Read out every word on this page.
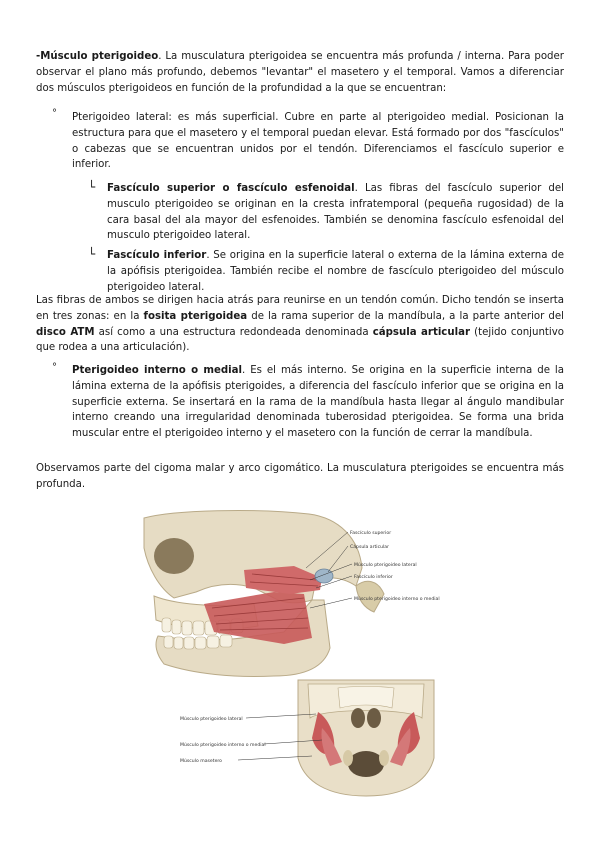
-Músculo pterigoideo. La musculatura pterigoidea se encuentra más profunda / interna. Para poder observar el plano más profundo, debemos "levantar" el masetero y el temporal. Vamos a diferenciar dos músculos pterigoideos en función de la profundidad a la que se encuentran:

° Pterigoideo lateral: es más superficial. Cubre en parte al pterigoideo medial. Posicionan la estructura para que el masetero y el temporal puedan elevar. Está formado por dos "fascículos" o cabezas que se encuentran unidos por el tendón. Diferenciamos el fascículo superior e inferior.

└ Fascículo superior o fascículo esfenoidal. Las fibras del fascículo superior del musculo pterigoideo se originan en la cresta infratemporal (pequeña rugosidad) de la cara basal del ala mayor del esfenoides. También se denomina fascículo esfenoidal del musculo pterigoideo lateral.

└ Fascículo inferior. Se origina en la superficie lateral o externa de la lámina externa de la apófisis pterigoidea. También recibe el nombre de fascículo pterigoideo del músculo pterigoideo lateral.

Las fibras de ambos se dirigen hacia atrás para reunirse en un tendón común. Dicho tendón se inserta en tres zonas: en la fosita pterigoidea de la rama superior de la mandíbula, a la parte anterior del disco ATM así como a una estructura redondeada denominada cápsula articular (tejido conjuntivo que rodea a una articulación).

° Pterigoideo interno o medial. Es el más interno. Se origina en la superficie interna de la lámina externa de la apófisis pterigoides, a diferencia del fascículo inferior que se origina en la superficie externa. Se insertará en la rama de la mandíbula hasta llegar al ángulo mandibular interno creando una irregularidad denominada tuberosidad pterigoidea. Se forma una brida muscular entre el pterigoideo interno y el masetero con la función de cerrar la mandíbula.

Observamos parte del cigoma malar y arco cigomático. La musculatura pterigoides se encuentra más profunda.

Fascículo superior
Cápsula articular
Músculo pterigoideo lateral
Fascículo inferior
Músculo pterigoideo interno o medial
Músculo pterigoideo lateral
Músculo pterigoideo interno o medial
Músculo masetero
